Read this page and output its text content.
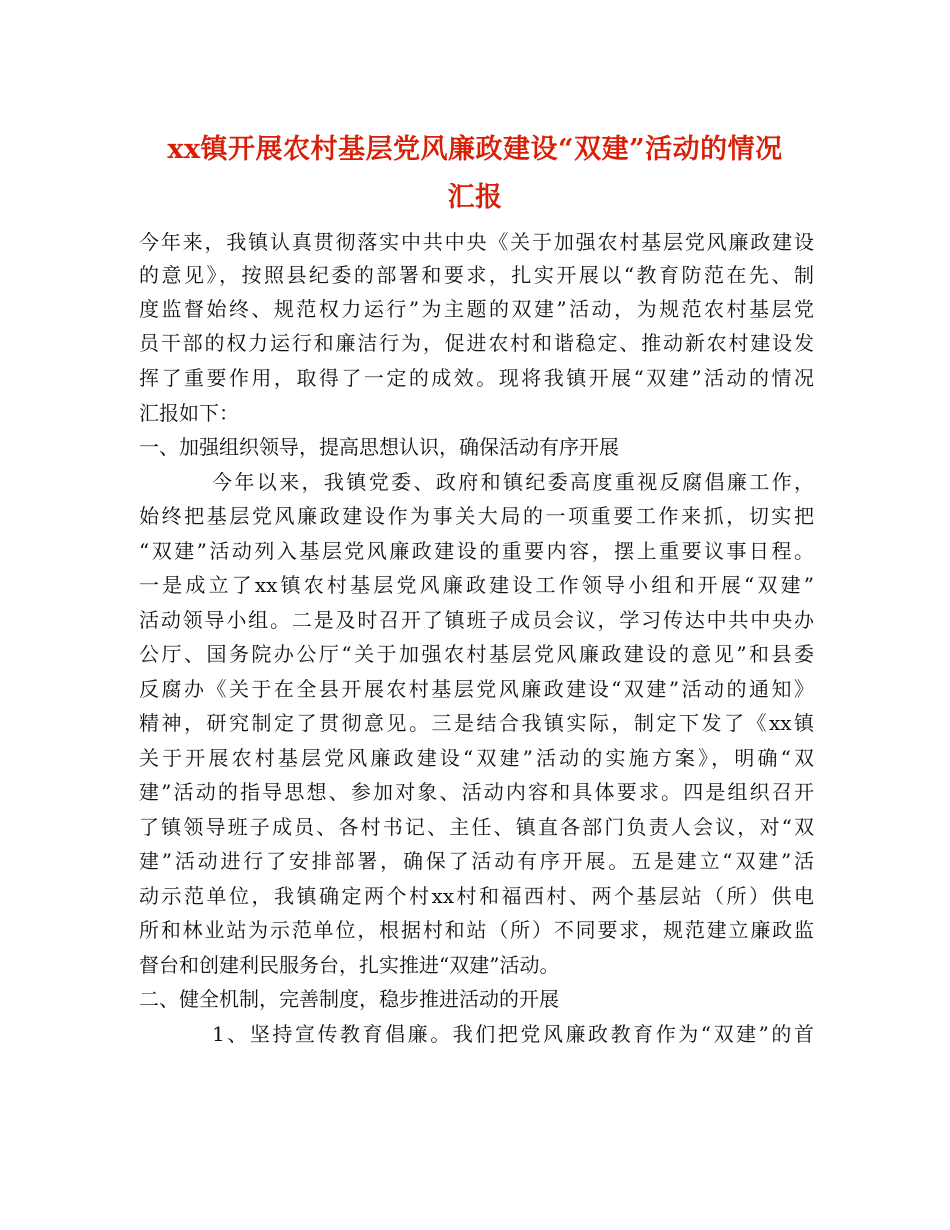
xx镇开展农村基层党风廉政建设“双建”活动的情况
汇报
今年来，我镇认真贯彻落实中共中央《关于加强农村基层党风廉政建设
的意见》，按照县纪委的部署和要求，扎实开展以“教育防范在先、制
度监督始终、规范权力运行”为主题的双建”活动，为规范农村基层党
员干部的权力运行和廉洁行为，促进农村和谐稳定、推动新农村建设发
挥了重要作用，取得了一定的成效。现将我镇开展“双建”活动的情况
汇报如下：
一、加强组织领导，提高思想认识，确保活动有序开展
今年以来，我镇党委、政府和镇纪委高度重视反腐倡廉工作，
始终把基层党风廉政建设作为事关大局的一项重要工作来抓，切实把
“双建”活动列入基层党风廉政建设的重要内容，摆上重要议事日程。
一是成立了xx镇农村基层党风廉政建设工作领导小组和开展“双建”
活动领导小组。二是及时召开了镇班子成员会议，学习传达中共中央办
公厅、国务院办公厅“关于加强农村基层党风廉政建设的意见”和县委
反腐办《关于在全县开展农村基层党风廉政建设“双建”活动的通知》
精神，研究制定了贯彻意见。三是结合我镇实际，制定下发了《xx镇
关于开展农村基层党风廉政建设“双建”活动的实施方案》，明确“双
建”活动的指导思想、参加对象、活动内容和具体要求。四是组织召开
了镇领导班子成员、各村书记、主任、镇直各部门负责人会议，对“双
建”活动进行了安排部署，确保了活动有序开展。五是建立“双建”活
动示范单位，我镇确定两个村xx村和福西村、两个基层站（所）供电
所和林业站为示范单位，根据村和站（所）不同要求，规范建立廉政监
督台和创建利民服务台，扎实推进“双建”活动。
二、健全机制，完善制度，稳步推进活动的开展
1、坚持宣传教育倡廉。我们把党风廉政教育作为“双建”的首
